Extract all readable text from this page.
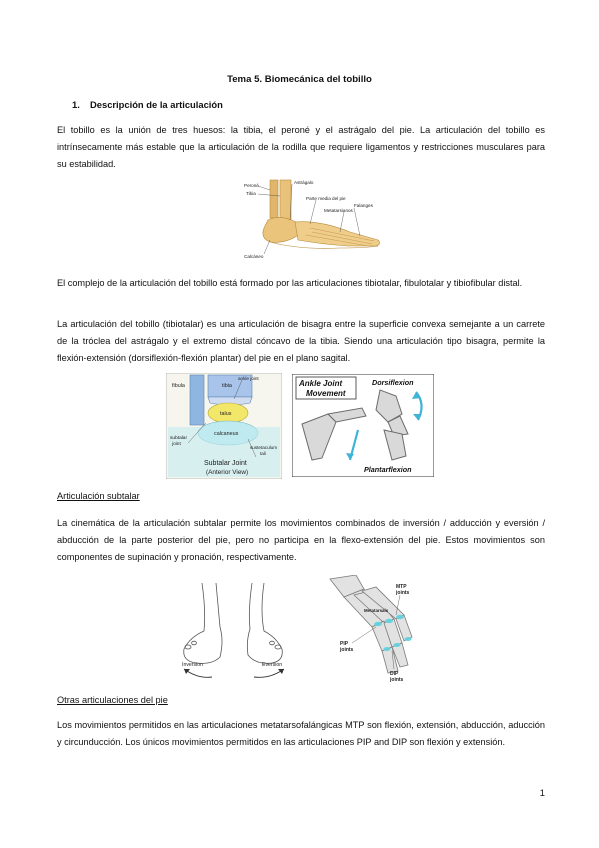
Tema 5. Biomecánica del tobillo
1. Descripción de la articulación
El tobillo es la unión de tres huesos: la tibia, el peroné y el astrágalo del pie. La articulación del tobillo es intrínsecamente más estable que la articulación de la rodilla que requiere ligamentos y restricciones musculares para su estabilidad.
Peroné
Tibia
Astrágalo
Parte media del pie
Falanges
Metatarsianos
Calcáneo
El complejo de la articulación del tobillo está formado por las articulaciones tibiotalar, fibulotalar y tibiofibular distal.
La articulación del tobillo (tibiotalar) es una articulación de bisagra entre la superficie convexa semejante a un carrete de la tróclea del astrágalo y el extremo distal cóncavo de la tibia. Siendo una articulación tipo bisagra, permite la flexión-extensión (dorsiflexión-flexión plantar) del pie en el plano sagital.
fibula	tibia
ankle joint
talus
subtalar
joint
calcaneus
sustetaculum
tali
Subtalar Joint
(Anterior View)
Ankle Joint
Movement
Dorsiflexion
Plantarflexion
Articulación subtalar
La cinemática de la articulación subtalar permite los movimientos combinados de inversión / adducción y eversión / abducción de la parte posterior del pie, pero no participa en la flexo-extensión del pie. Estos movimientos son componentes de supinación y pronación, respectivamente.
Inversion	Eversion
MTP
joints
Metatarsals
PIP
joints
DIP
joints
Otras articulaciones del pie
Los movimientos permitidos en las articulaciones metatarsofalángicas MTP son flexión, extensión, abducción, aducción y circunducción. Los únicos movimientos permitidos en las articulaciones PIP and DIP son flexión y extensión.
1
